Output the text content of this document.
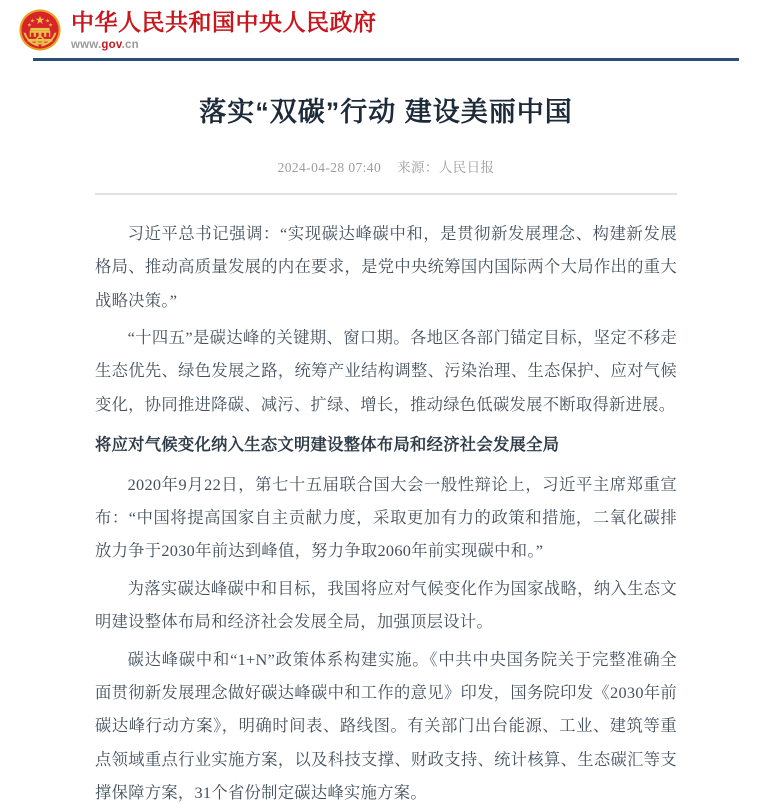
中华人民共和国中央人民政府
www.gov.cn
落实“双碳”行动 建设美丽中国
2024-04-28 07:40 来源：人民日报

习近平总书记强调：“实现碳达峰碳中和，是贯彻新发展理念、构建新发展格局、推动高质量发展的内在要求，是党中央统筹国内国际两个大局作出的重大战略决策。”

“十四五”是碳达峰的关键期、窗口期。各地区各部门锚定目标，坚定不移走生态优先、绿色发展之路，统筹产业结构调整、污染治理、生态保护、应对气候变化，协同推进降碳、减污、扩绿、增长，推动绿色低碳发展不断取得新进展。

将应对气候变化纳入生态文明建设整体布局和经济社会发展全局

2020年9月22日，第七十五届联合国大会一般性辩论上，习近平主席郑重宣布：“中国将提高国家自主贡献力度，采取更加有力的政策和措施，二氧化碳排放力争于2030年前达到峰值，努力争取2060年前实现碳中和。”

为落实碳达峰碳中和目标，我国将应对气候变化作为国家战略，纳入生态文明建设整体布局和经济社会发展全局，加强顶层设计。

碳达峰碳中和“1+N”政策体系构建实施。《中共中央国务院关于完整准确全面贯彻新发展理念做好碳达峰碳中和工作的意见》印发，国务院印发《2030年前碳达峰行动方案》，明确时间表、路线图。有关部门出台能源、工业、建筑等重点领域重点行业实施方案，以及科技支撑、财政支持、统计核算、生态碳汇等支撑保障方案，31个省份制定碳达峰实施方案。
